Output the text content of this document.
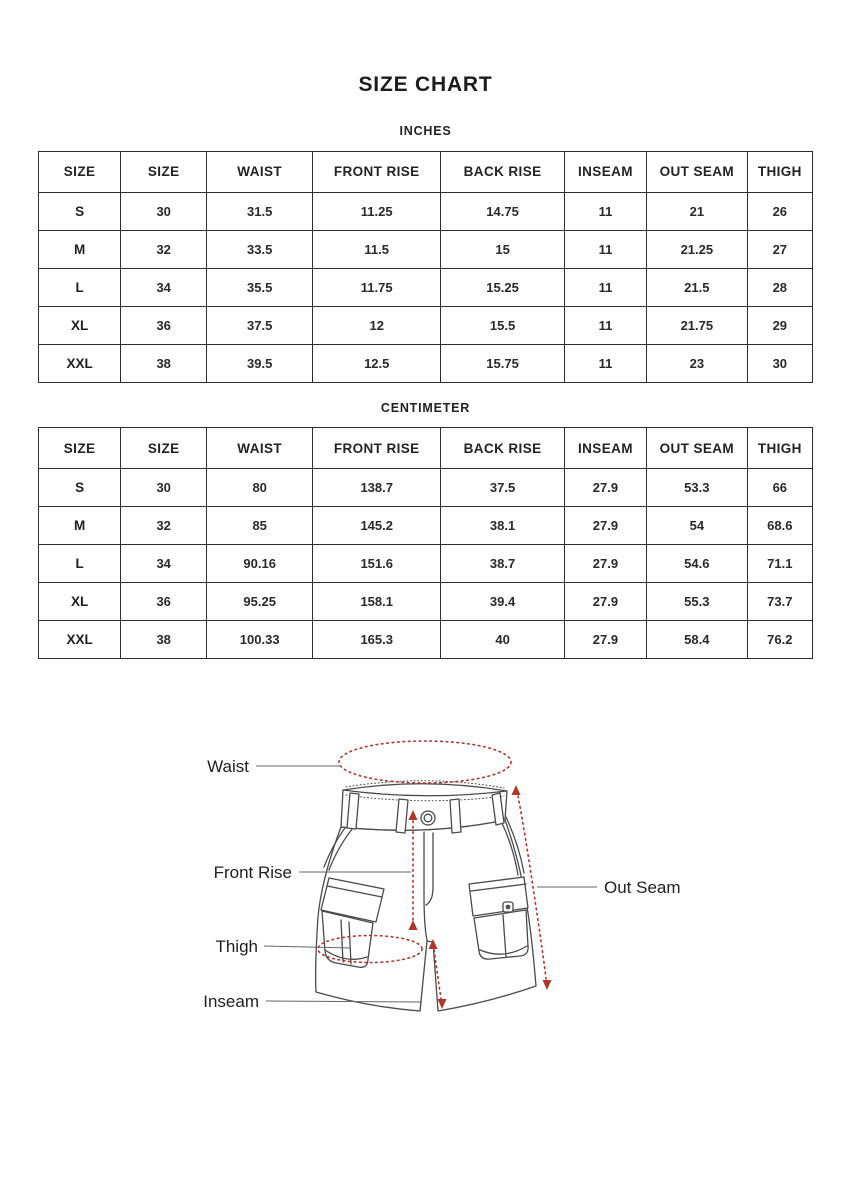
SIZE CHART
INCHES
SIZE	SIZE	WAIST	FRONT RISE	BACK RISE	INSEAM	OUT SEAM	THIGH
S	30	31.5	11.25	14.75	11	21	26
M	32	33.5	11.5	15	11	21.25	27
L	34	35.5	11.75	15.25	11	21.5	28
XL	36	37.5	12	15.5	11	21.75	29
XXL	38	39.5	12.5	15.75	11	23	30
CENTIMETER
SIZE	SIZE	WAIST	FRONT RISE	BACK RISE	INSEAM	OUT SEAM	THIGH
S	30	80	138.7	37.5	27.9	53.3	66
M	32	85	145.2	38.1	27.9	54	68.6
L	34	90.16	151.6	38.7	27.9	54.6	71.1
XL	36	95.25	158.1	39.4	27.9	55.3	73.7
XXL	38	100.33	165.3	40	27.9	58.4	76.2
Waist
Front Rise
Thigh
Inseam
Out Seam
